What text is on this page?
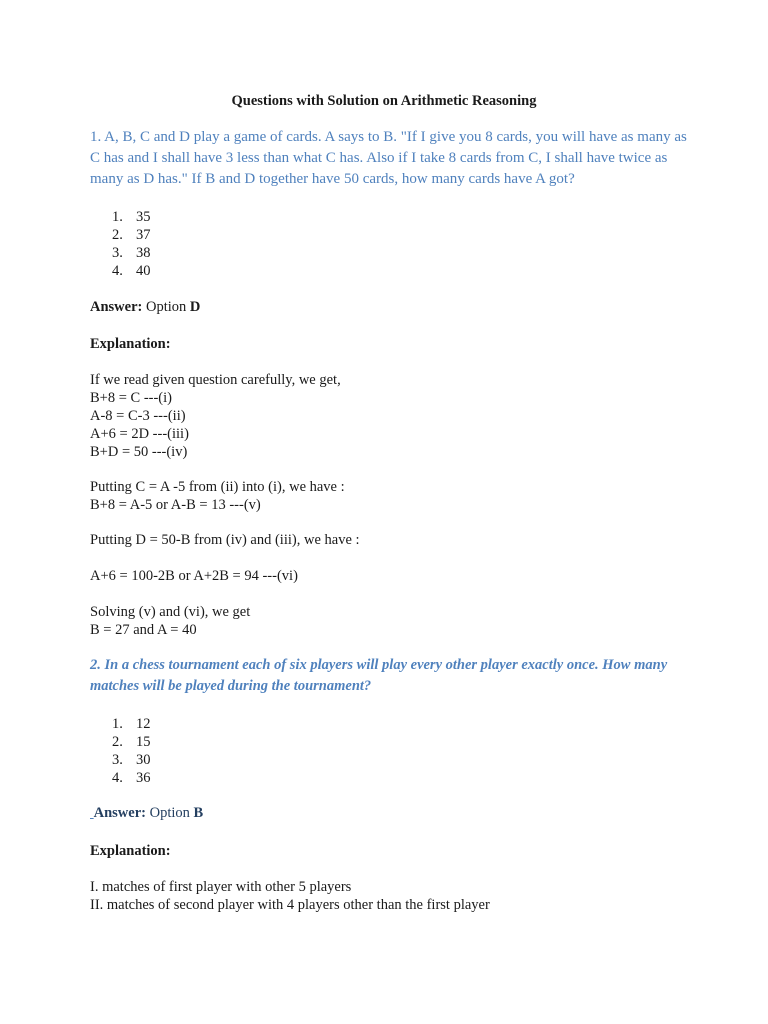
Questions with Solution on Arithmetic Reasoning
1. A, B, C and D play a game of cards. A says to B. "If I give you 8 cards, you will have as many as C has and I shall have 3 less than what C has. Also if I take 8 cards from C, I shall have twice as many as D has." If B and D together have 50 cards, how many cards have A got?
1. 35
2. 37
3. 38
4. 40
Answer: Option D
Explanation:
If we read given question carefully, we get,
B+8 = C ---(i)
A-8 = C-3 ---(ii)
A+6 = 2D ---(iii)
B+D = 50 ---(iv)
Putting C = A -5 from (ii) into (i), we have :
B+8 = A-5 or A-B = 13 ---(v)
Putting D = 50-B from (iv) and (iii), we have :
A+6 = 100-2B or A+2B = 94 ---(vi)
Solving (v) and (vi), we get
B = 27 and A = 40
2. In a chess tournament each of six players will play every other player exactly once. How many matches will be played during the tournament?
1. 12
2. 15
3. 30
4. 36
Answer: Option B
Explanation:
I. matches of first player with other 5 players
II. matches of second player with 4 players other than the first player
